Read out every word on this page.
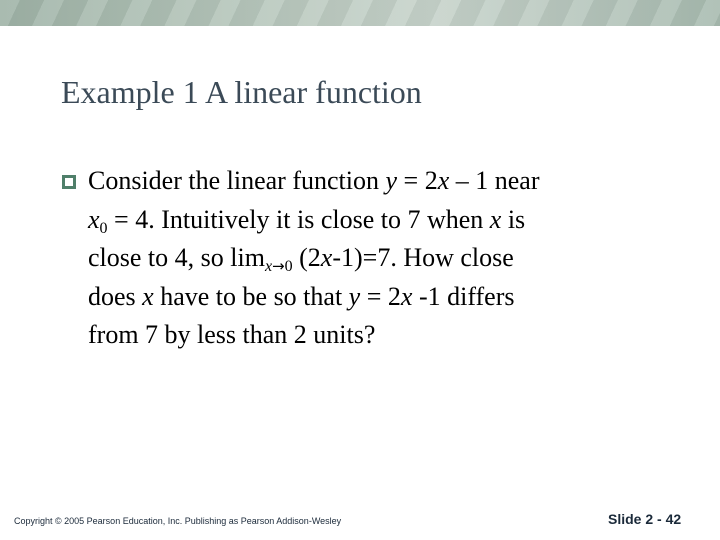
Example 1 A linear function
Consider the linear function y = 2x – 1 near
$x_0 = 4$. Intuitively it is close to 7 when x is
close to 4, so $\lim_{x\to 0} (2x-1)=7$. How close
does x have to be so that y = 2x -1 differs
from 7 by less than 2 units?
Copyright © 2005 Pearson Education, Inc. Publishing as Pearson Addison-Wesley	Slide 2 - 42
